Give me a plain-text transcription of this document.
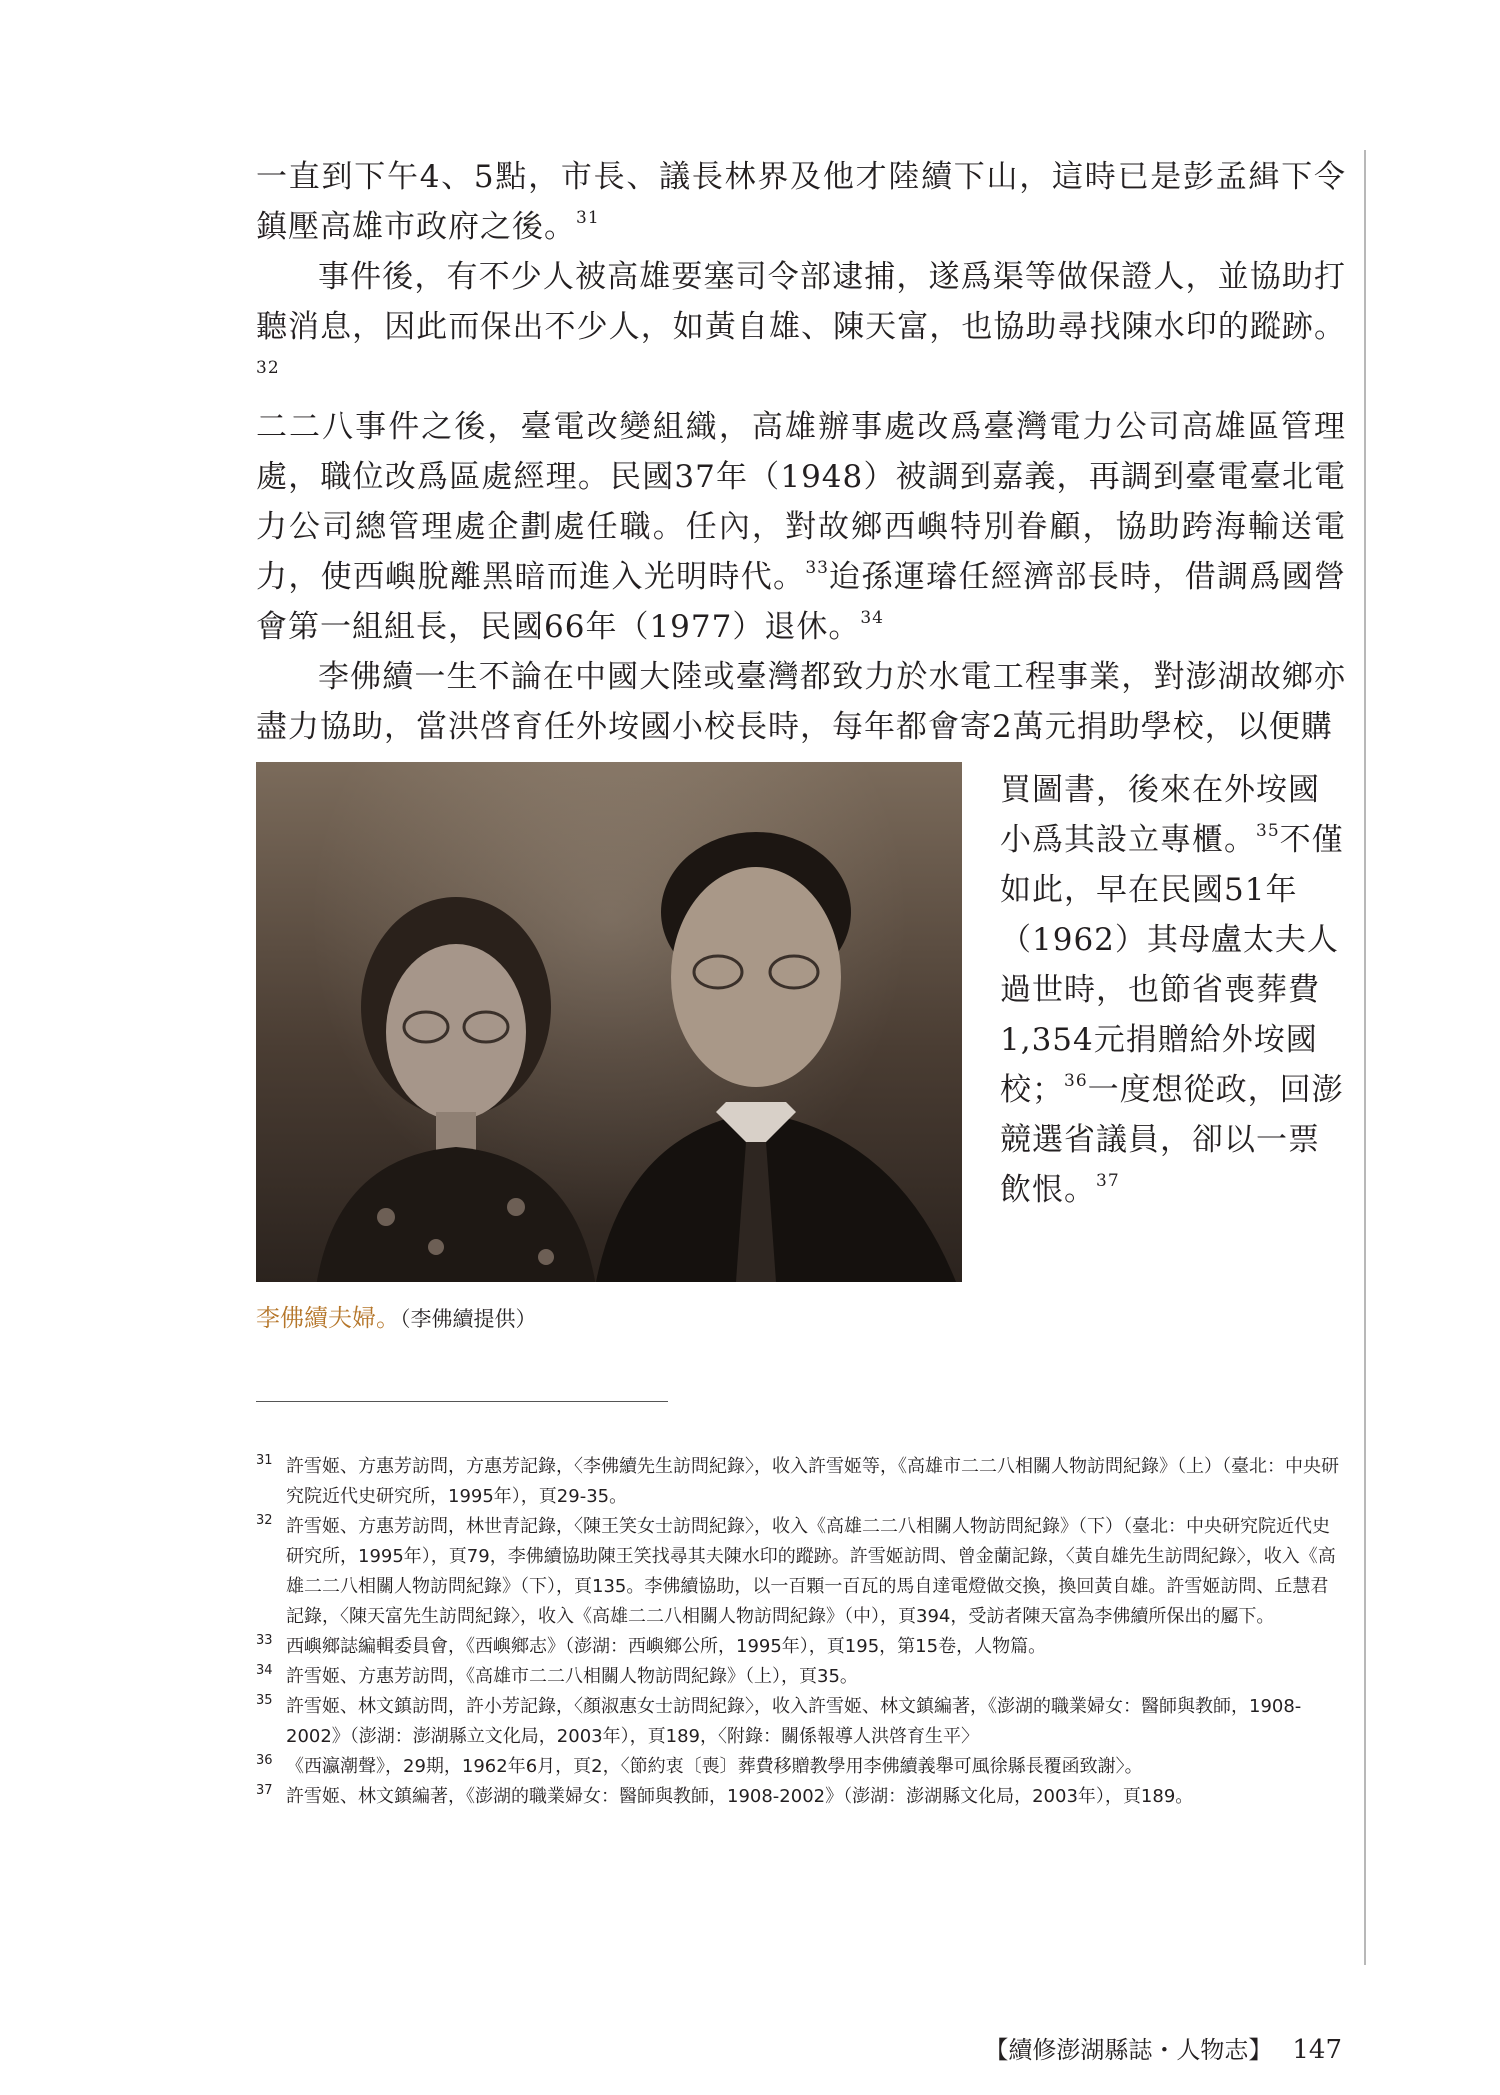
一直到下午4、5點，市長、議長林界及他才陸續下山，這時已是彭孟緝下令鎮壓高雄市政府之後。$^{31}$

事件後，有不少人被高雄要塞司令部逮捕，遂爲渠等做保證人，並協助打聽消息，因此而保出不少人，如黃自雄、陳天富，也協助尋找陳水印的蹤跡。$^{32}$

二二八事件之後，臺電改變組織，高雄辦事處改爲臺灣電力公司高雄區管理處，職位改爲區處經理。民國37年（1948）被調到嘉義，再調到臺電臺北電力公司總管理處企劃處任職。任內，對故鄉西嶼特別眷顧，協助跨海輸送電力，使西嶼脫離黑暗而進入光明時代。$^{33}$迨孫運璿任經濟部長時，借調爲國營會第一組組長，民國66年（1977）退休。$^{34}$

李佛續一生不論在中國大陸或臺灣都致力於水電工程事業，對澎湖故鄉亦盡力協助，當洪啓育任外垵國小校長時，每年都會寄2萬元捐助學校，以便購

買圖書，後來在外垵國小爲其設立專櫃。$^{35}$不僅如此，早在民國51年（1962）其母盧太夫人過世時，也節省喪葬費1,354元捐贈給外垵國校；$^{36}$一度想從政，回澎競選省議員，卻以一票飲恨。$^{37}$

李佛續夫婦。（李佛續提供）

$^{31}$ 許雪姬、方惠芳訪問，方惠芳記錄，〈李佛續先生訪問紀錄〉，收入許雪姬等，《高雄市二二八相關人物訪問紀錄》（上）（臺北：中央研究院近代史研究所，1995年），頁29-35。

$^{32}$ 許雪姬、方惠芳訪問，林世青記錄，〈陳王笑女士訪問紀錄〉，收入《高雄二二八相關人物訪問紀錄》（下）（臺北：中央研究院近代史研究所，1995年），頁79，李佛續協助陳王笑找尋其夫陳水印的蹤跡。許雪姬訪問、曾金蘭記錄，〈黃自雄先生訪問紀錄〉，收入《高雄二二八相關人物訪問紀錄》（下），頁135。李佛續協助，以一百顆一百瓦的馬自達電燈做交換，換回黃自雄。許雪姬訪問、丘慧君記錄，〈陳天富先生訪問紀錄〉，收入《高雄二二八相關人物訪問紀錄》（中），頁394，受訪者陳天富為李佛續所保出的屬下。

$^{33}$ 西嶼鄉誌編輯委員會，《西嶼鄉志》（澎湖：西嶼鄉公所，1995年），頁195，第15卷，人物篇。

$^{34}$ 許雪姬、方惠芳訪問，《高雄市二二八相關人物訪問紀錄》（上），頁35。

$^{35}$ 許雪姬、林文鎮訪問，許小芳記錄，〈顏淑惠女士訪問紀錄〉，收入許雪姬、林文鎮編著，《澎湖的職業婦女：醫師與教師，1908-2002》（澎湖：澎湖縣立文化局，2003年），頁189，〈附錄：關係報導人洪啓育生平〉

$^{36}$ 《西瀛潮聲》，29期，1962年6月，頁2，〈節約衷〔喪〕葬費移贈教學用李佛續義舉可風徐縣長覆函致謝〉。

$^{37}$ 許雪姬、林文鎮編著，《澎湖的職業婦女：醫師與教師，1908-2002》（澎湖：澎湖縣文化局，2003年），頁189。

【續修澎湖縣誌・人物志】 147
